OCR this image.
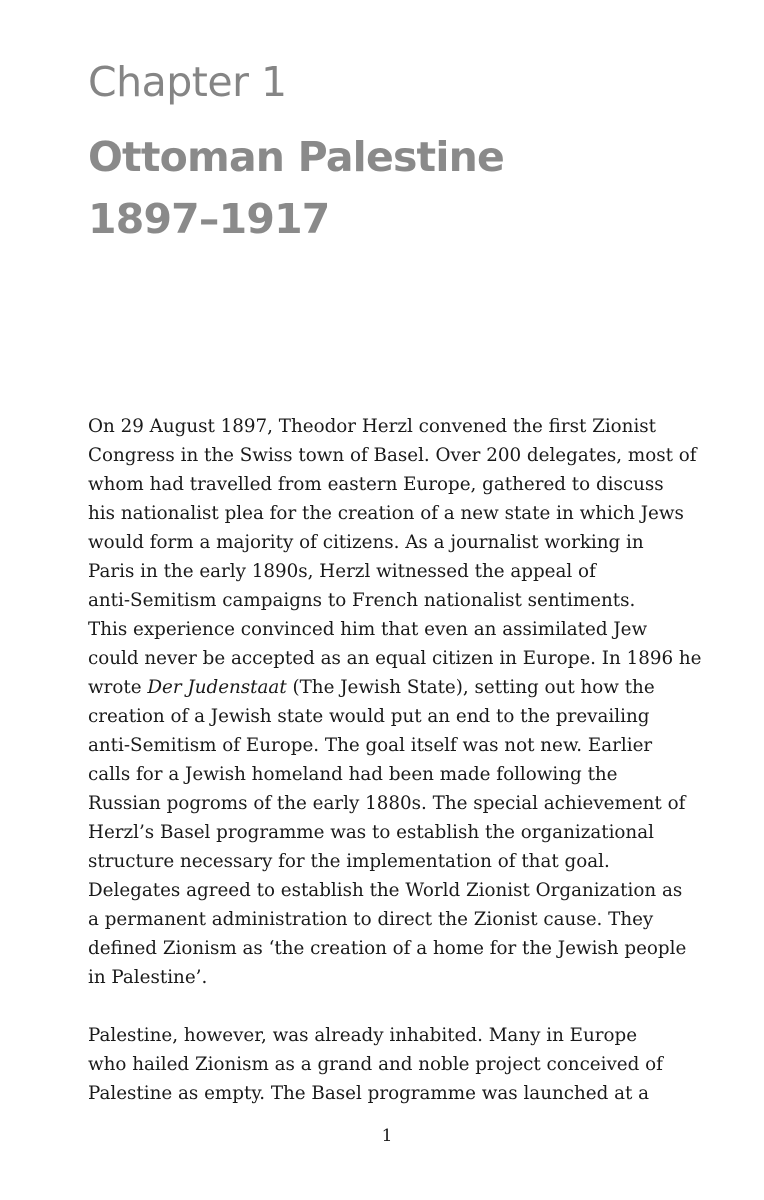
Chapter 1
Ottoman Palestine
1897–1917

On 29 August 1897, Theodor Herzl convened the first Zionist
Congress in the Swiss town of Basel. Over 200 delegates, most of
whom had travelled from eastern Europe, gathered to discuss
his nationalist plea for the creation of a new state in which Jews
would form a majority of citizens. As a journalist working in
Paris in the early 1890s, Herzl witnessed the appeal of
anti-Semitism campaigns to French nationalist sentiments.
This experience convinced him that even an assimilated Jew
could never be accepted as an equal citizen in Europe. In 1896 he
wrote Der Judenstaat (The Jewish State), setting out how the
creation of a Jewish state would put an end to the prevailing
anti-Semitism of Europe. The goal itself was not new. Earlier
calls for a Jewish homeland had been made following the
Russian pogroms of the early 1880s. The special achievement of
Herzl’s Basel programme was to establish the organizational
structure necessary for the implementation of that goal.
Delegates agreed to establish the World Zionist Organization as
a permanent administration to direct the Zionist cause. They
defined Zionism as ‘the creation of a home for the Jewish people
in Palestine’.

Palestine, however, was already inhabited. Many in Europe
who hailed Zionism as a grand and noble project conceived of
Palestine as empty. The Basel programme was launched at a

1
